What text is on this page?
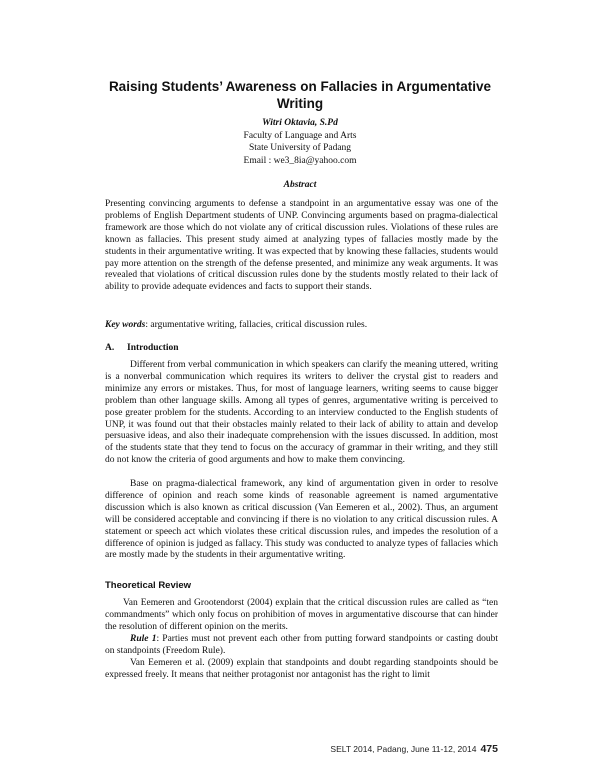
Raising Students’ Awareness on Fallacies in Argumentative
Writing
Witri Oktavia, S.Pd
Faculty of Language and Arts
State University of Padang
Email : we3_8ia@yahoo.com
Abstract

Presenting convincing arguments to defense a standpoint in an argumentative essay was one of the problems of English Department students of UNP. Convincing arguments based on pragma-dialectical framework are those which do not violate any of critical discussion rules. Violations of these rules are known as fallacies. This present study aimed at analyzing types of fallacies mostly made by the students in their argumentative writing. It was expected that by knowing these fallacies, students would pay more attention on the strength of the defense presented, and minimize any weak arguments. It was revealed that violations of critical discussion rules done by the students mostly related to their lack of ability to provide adequate evidences and facts to support their stands.

Key words: argumentative writing, fallacies, critical discussion rules.

A. Introduction

Different from verbal communication in which speakers can clarify the meaning uttered, writing is a nonverbal communication which requires its writers to deliver the crystal gist to readers and minimize any errors or mistakes. Thus, for most of language learners, writing seems to cause bigger problem than other language skills. Among all types of genres, argumentative writing is perceived to pose greater problem for the students. According to an interview conducted to the English students of UNP, it was found out that their obstacles mainly related to their lack of ability to attain and develop persuasive ideas, and also their inadequate comprehension with the issues discussed. In addition, most of the students state that they tend to focus on the accuracy of grammar in their writing, and they still do not know the criteria of good arguments and how to make them convincing.

Base on pragma-dialectical framework, any kind of argumentation given in order to resolve difference of opinion and reach some kinds of reasonable agreement is named argumentative discussion which is also known as critical discussion (Van Eemeren et al., 2002). Thus, an argument will be considered acceptable and convincing if there is no violation to any critical discussion rules. A statement or speech act which violates these critical discussion rules, and impedes the resolution of a difference of opinion is judged as fallacy. This study was conducted to analyze types of fallacies which are mostly made by the students in their argumentative writing.

Theoretical Review

Van Eemeren and Grootendorst (2004) explain that the critical discussion rules are called as “ten commandments” which only focus on prohibition of moves in argumentative discourse that can hinder the resolution of different opinion on the merits.

Rule 1: Parties must not prevent each other from putting forward standpoints or casting doubt on standpoints (Freedom Rule).

Van Eemeren et al. (2009) explain that standpoints and doubt regarding standpoints should be expressed freely. It means that neither protagonist nor antagonist has the right to limit

SELT 2014, Padang, June 11-12, 2014 475
